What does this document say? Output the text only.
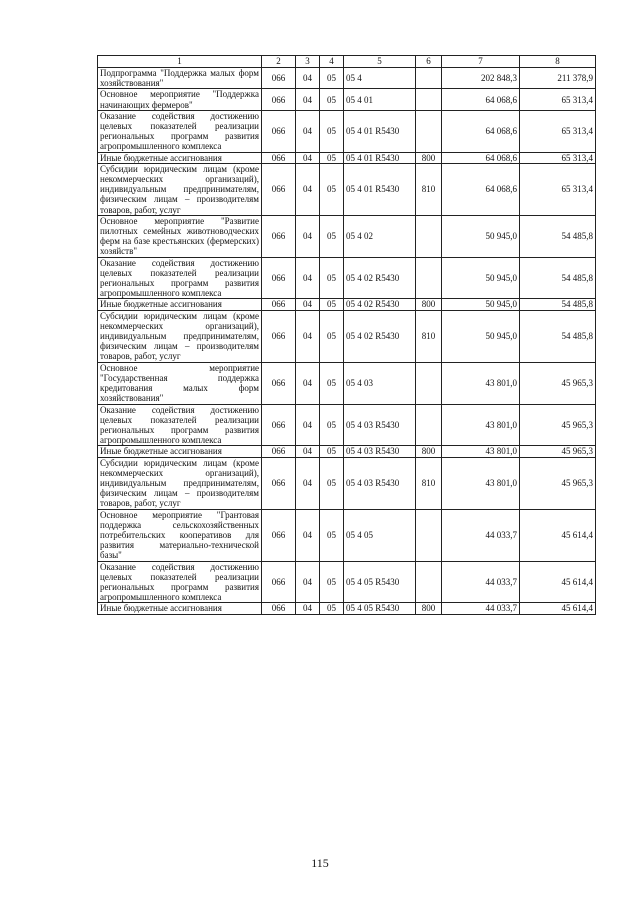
1	2	3	4	5	6	7	8
Подпрограмма "Поддержка малых форм хозяйствования"	066	04	05	05 4		202 848,3	211 378,9
Основное мероприятие "Поддержка начинающих фермеров"	066	04	05	05 4 01		64 068,6	65 313,4
Оказание содействия достижению целевых показателей реализации региональных программ развития агропромышленного комплекса	066	04	05	05 4 01 R5430		64 068,6	65 313,4
Иные бюджетные ассигнования	066	04	05	05 4 01 R5430	800	64 068,6	65 313,4
Субсидии юридическим лицам (кроме некоммерческих организаций), индивидуальным предпринимателям, физическим лицам – производителям товаров, работ, услуг	066	04	05	05 4 01 R5430	810	64 068,6	65 313,4
Основное мероприятие "Развитие пилотных семейных животноводческих ферм на базе крестьянских (фермерских) хозяйств"	066	04	05	05 4 02		50 945,0	54 485,8
Оказание содействия достижению целевых показателей реализации региональных программ развития агропромышленного комплекса	066	04	05	05 4 02 R5430		50 945,0	54 485,8
Иные бюджетные ассигнования	066	04	05	05 4 02 R5430	800	50 945,0	54 485,8
Субсидии юридическим лицам (кроме некоммерческих организаций), индивидуальным предпринимателям, физическим лицам – производителям товаров, работ, услуг	066	04	05	05 4 02 R5430	810	50 945,0	54 485,8
Основное мероприятие "Государственная поддержка кредитования малых форм хозяйствования"	066	04	05	05 4 03		43 801,0	45 965,3
Оказание содействия достижению целевых показателей реализации региональных программ развития агропромышленного комплекса	066	04	05	05 4 03 R5430		43 801,0	45 965,3
Иные бюджетные ассигнования	066	04	05	05 4 03 R5430	800	43 801,0	45 965,3
Субсидии юридическим лицам (кроме некоммерческих организаций), индивидуальным предпринимателям, физическим лицам – производителям товаров, работ, услуг	066	04	05	05 4 03 R5430	810	43 801,0	45 965,3
Основное мероприятие "Грантовая поддержка сельскохозяйственных потребительских кооперативов для развития материально-технической базы"	066	04	05	05 4 05		44 033,7	45 614,4
Оказание содействия достижению целевых показателей реализации региональных программ развития агропромышленного комплекса	066	04	05	05 4 05 R5430		44 033,7	45 614,4
Иные бюджетные ассигнования	066	04	05	05 4 05 R5430	800	44 033,7	45 614,4
115
